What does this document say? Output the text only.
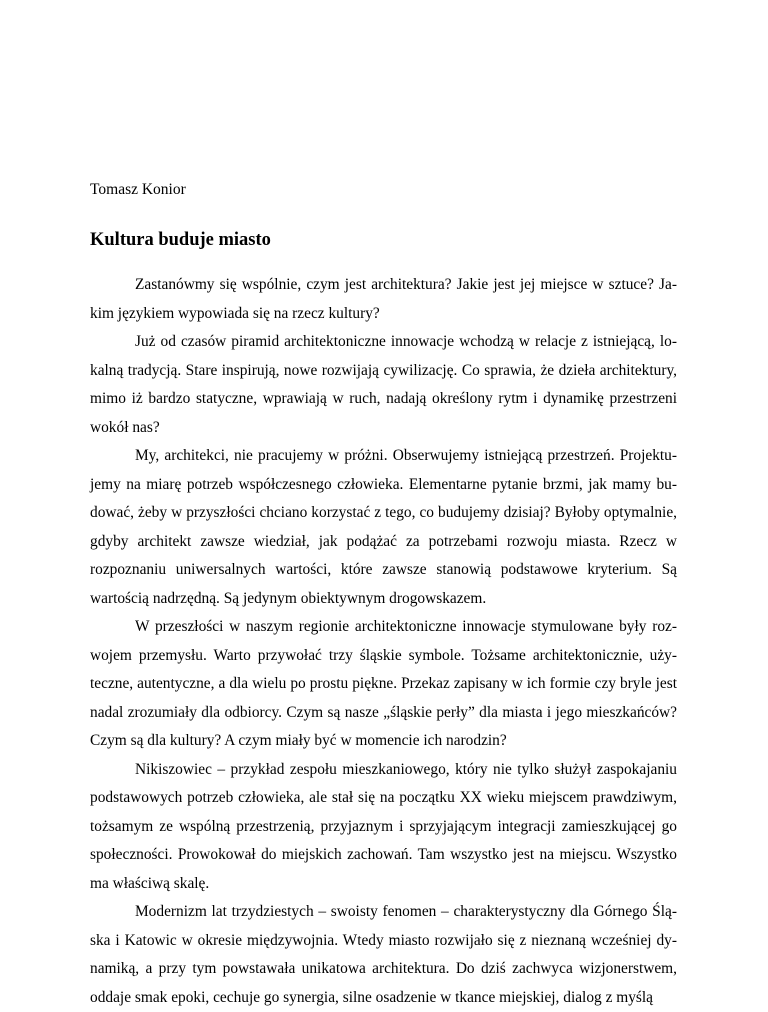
Tomasz Konior
Kultura buduje miasto

Zastanówmy się wspólnie, czym jest architektura? Jakie jest jej miejsce w sztuce? Jakim językiem wypowiada się na rzecz kultury?

Już od czasów piramid architektoniczne innowacje wchodzą w relacje z istniejącą, lokalną tradycją. Stare inspirują, nowe rozwijają cywilizację. Co sprawia, że dzieła architektury, mimo iż bardzo statyczne, wprawiają w ruch, nadają określony rytm i dynamikę przestrzeni wokół nas?

My, architekci, nie pracujemy w próżni. Obserwujemy istniejącą przestrzeń. Projektujemy na miarę potrzeb współczesnego człowieka. Elementarne pytanie brzmi, jak mamy budować, żeby w przyszłości chciano korzystać z tego, co budujemy dzisiaj? Byłoby optymalnie, gdyby architekt zawsze wiedział, jak podążać za potrzebami rozwoju miasta. Rzecz w rozpoznaniu uniwersalnych wartości, które zawsze stanowią podstawowe kryterium. Są wartością nadrzędną. Są jedynym obiektywnym drogowskazem.

W przeszłości w naszym regionie architektoniczne innowacje stymulowane były rozwojem przemysłu. Warto przywołać trzy śląskie symbole. Tożsame architektonicznie, użyteczne, autentyczne, a dla wielu po prostu piękne. Przekaz zapisany w ich formie czy bryle jest nadal zrozumiały dla odbiorcy. Czym są nasze „śląskie perły” dla miasta i jego mieszkańców? Czym są dla kultury? A czym miały być w momencie ich narodzin?

Nikiszowiec – przykład zespołu mieszkaniowego, który nie tylko służył zaspokajaniu podstawowych potrzeb człowieka, ale stał się na początku XX wieku miejscem prawdziwym, tożsamym ze wspólną przestrzenią, przyjaznym i sprzyjającym integracji zamieszkującej go społeczności. Prowokował do miejskich zachowań. Tam wszystko jest na miejscu. Wszystko ma właściwą skalę.

Modernizm lat trzydziestych – swoisty fenomen – charakterystyczny dla Górnego Śląska i Katowic w okresie międzywojnia. Wtedy miasto rozwijało się z nieznaną wcześniej dynamiką, a przy tym powstawała unikatowa architektura. Do dziś zachwyca wizjonerstwem, oddaje smak epoki, cechuje go synergia, silne osadzenie w tkance miejskiej, dialog z myślą
